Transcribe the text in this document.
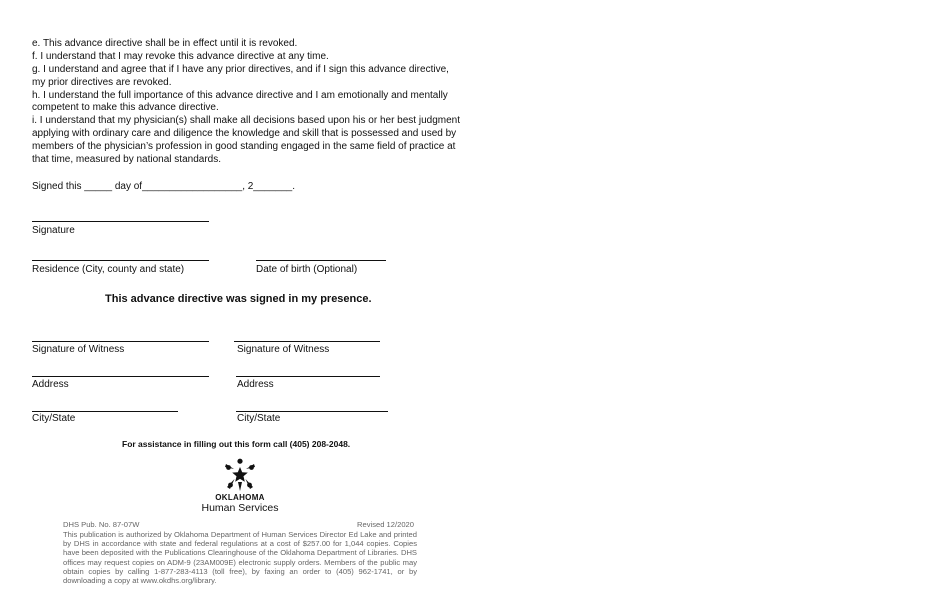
e. This advance directive shall be in effect until it is revoked.
f. I understand that I may revoke this advance directive at any time.
g. I understand and agree that if I have any prior directives, and if I sign this advance directive,
my prior directives are revoked.
h. I understand the full importance of this advance directive and I am emotionally and mentally
competent to make this advance directive.
i. I understand that my physician(s) shall make all decisions based upon his or her best judgment
applying with ordinary care and diligence the knowledge and skill that is possessed and used by
members of the physician’s profession in good standing engaged in the same field of practice at
that time, measured by national standards.
Signed this _____ day of__________________, 2_______.
Signature
Residence (City, county and state)	Date of birth (Optional)
This advance directive was signed in my presence.
Signature of Witness	Signature of Witness
Address	Address
City/State	City/State
For assistance in filling out this form call (405) 208-2048.
OKLAHOMA
Human Services
DHS Pub. No. 87-07W	Revised 12/2020
This publication is authorized by Oklahoma Department of Human Services Director Ed Lake and printed by DHS in accordance with state and federal regulations at a cost of $257.00 for 1,044 copies. Copies have been deposited with the Publications Clearinghouse of the Oklahoma Department of Libraries. DHS offices may request copies on ADM-9 (23AM009E) electronic supply orders. Members of the public may obtain copies by calling 1-877-283-4113 (toll free), by faxing an order to (405) 962-1741, or by downloading a copy at www.okdhs.org/library.
